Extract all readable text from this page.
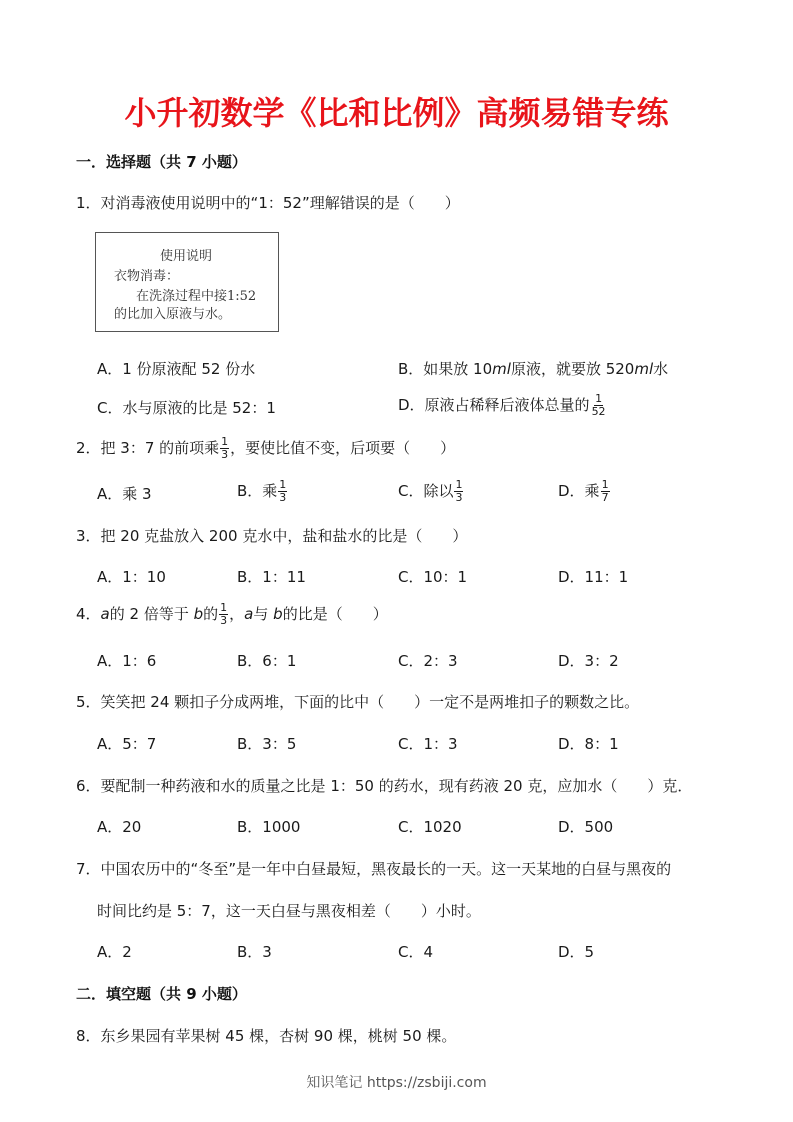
小升初数学《比和比例》高频易错专练
一．选择题（共 7 小题）
1．对消毒液使用说明中的“1：52”理解错误的是（　　）
使用说明
衣物消毒：
在洗涤过程中接1:52
的比加入原液与水。
A．1 份原液配 52 份水	B．如果放 10ml原液，就要放 520ml水
C．水与原液的比是 52：1	D．原液占稀释后液体总量的 $\frac{1}{52}$
2．把 3：7 的前项乘 $\frac{1}{3}$ ，要使比值不变，后项要（　　）
A．乘 3	B．乘 $\frac{1}{3}$	C．除以 $\frac{1}{3}$	D．乘 $\frac{1}{7}$
3．把 20 克盐放入 200 克水中，盐和盐水的比是（　　）
A．1：10	B．1：11	C．10：1	D．11：1
4．a的 2 倍等于 b的 $\frac{1}{3}$ ，a与 b的比是（　　）
A．1：6	B．6：1	C．2：3	D．3：2
5．笑笑把 24 颗扣子分成两堆，下面的比中（　　）一定不是两堆扣子的颗数之比。
A．5：7	B．3：5	C．1：3	D．8：1
6．要配制一种药液和水的质量之比是 1：50 的药水，现有药液 20 克，应加水（　　）克．
A．20	B．1000	C．1020	D．500
7．中国农历中的“冬至”是一年中白昼最短，黑夜最长的一天。这一天某地的白昼与黑夜的
时间比约是 5：7，这一天白昼与黑夜相差（　　）小时。
A．2	B．3	C．4	D．5
二．填空题（共 9 小题）
8．东乡果园有苹果树 45 棵，杏树 90 棵，桃树 50 棵。
知识笔记 https://zsbiji.com
